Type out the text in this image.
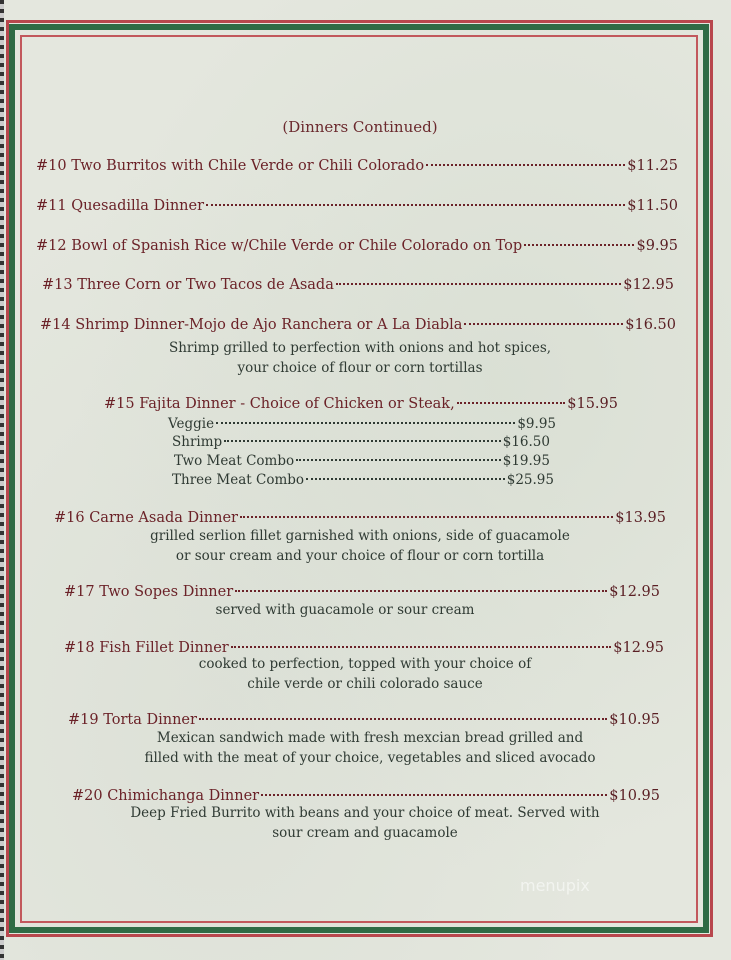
(Dinners Continued)
#10 Two Burritos with Chile Verde or Chili Colorado	$11.25
#11 Quesadilla Dinner	$11.50
#12 Bowl of Spanish Rice w/Chile Verde or Chile Colorado on Top	$9.95
#13 Three Corn or Two Tacos de Asada	$12.95
#14 Shrimp Dinner-Mojo de Ajo Ranchera or A La Diabla	$16.50
Shrimp grilled to perfection with onions and hot spices,
your choice of flour or corn tortillas
#15 Fajita Dinner - Choice of Chicken or Steak,	$15.95
Veggie	$9.95
Shrimp	$16.50
Two Meat Combo	$19.95
Three Meat Combo	$25.95
#16 Carne Asada Dinner	$13.95
grilled serlion fillet garnished with onions, side of guacamole
or sour cream and your choice of flour or corn tortilla
#17 Two Sopes Dinner	$12.95
served with guacamole or sour cream
#18 Fish Fillet Dinner	$12.95
cooked to perfection, topped with your choice of
chile verde or chili colorado sauce
#19 Torta Dinner	$10.95
Mexican sandwich made with fresh mexcian bread grilled and
filled with the meat of your choice, vegetables and sliced avocado
#20 Chimichanga Dinner	$10.95
Deep Fried Burrito with beans and your choice of meat. Served with
sour cream and guacamole
menupix
